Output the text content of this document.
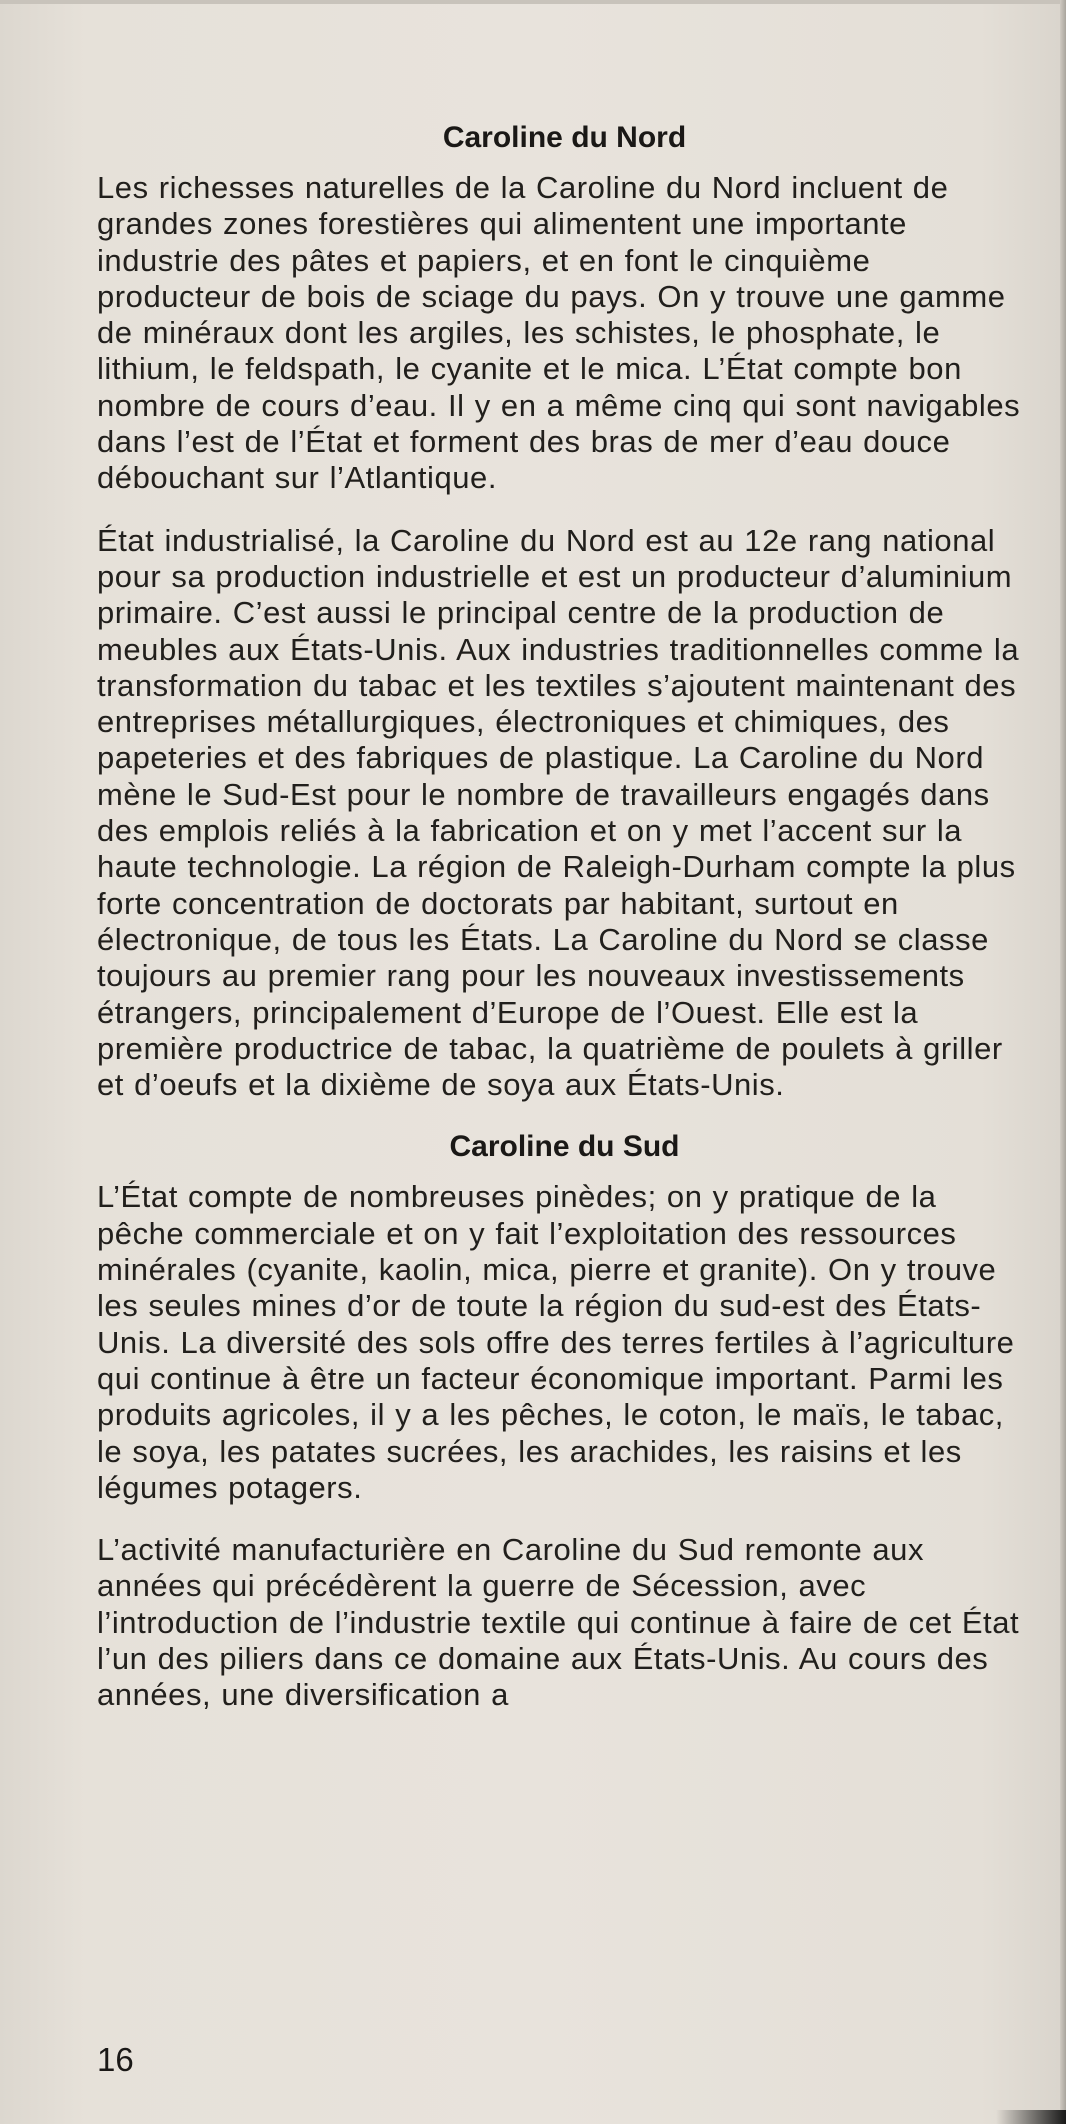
Caroline du Nord

Les richesses naturelles de la Caroline du Nord incluent de grandes zones forestières qui alimentent une importante industrie des pâtes et papiers, et en font le cinquième producteur de bois de sciage du pays. On y trouve une gamme de minéraux dont les argiles, les schistes, le phosphate, le lithium, le feldspath, le cyanite et le mica. L’État compte bon nombre de cours d’eau. Il y en a même cinq qui sont navigables dans l’est de l’État et forment des bras de mer d’eau douce débouchant sur l’Atlantique.

État industrialisé, la Caroline du Nord est au 12e rang national pour sa production industrielle et est un producteur d’aluminium primaire. C’est aussi le principal centre de la production de meubles aux États-Unis. Aux industries traditionnelles comme la transformation du tabac et les textiles s’ajoutent maintenant des entreprises métallurgiques, électroniques et chimiques, des papeteries et des fabriques de plastique. La Caroline du Nord mène le Sud-Est pour le nombre de travailleurs engagés dans des emplois reliés à la fabrication et on y met l’accent sur la haute technologie. La région de Raleigh-Durham compte la plus forte concentration de doctorats par habitant, surtout en électronique, de tous les États. La Caroline du Nord se classe toujours au premier rang pour les nouveaux investissements étrangers, principalement d’Europe de l’Ouest. Elle est la première productrice de tabac, la quatrième de poulets à griller et d’oeufs et la dixième de soya aux États-Unis.

Caroline du Sud

L’État compte de nombreuses pinèdes; on y pratique de la pêche commerciale et on y fait l’exploitation des ressources minérales (cyanite, kaolin, mica, pierre et granite). On y trouve les seules mines d’or de toute la région du sud-est des États-Unis. La diversité des sols offre des terres fertiles à l’agriculture qui continue à être un facteur économique important. Parmi les produits agricoles, il y a les pêches, le coton, le maïs, le tabac, le soya, les patates sucrées, les arachides, les raisins et les légumes potagers.

L’activité manufacturière en Caroline du Sud remonte aux années qui précédèrent la guerre de Sécession, avec l’introduction de l’industrie textile qui continue à faire de cet État l’un des piliers dans ce domaine aux États-Unis. Au cours des années, une diversification a

16
